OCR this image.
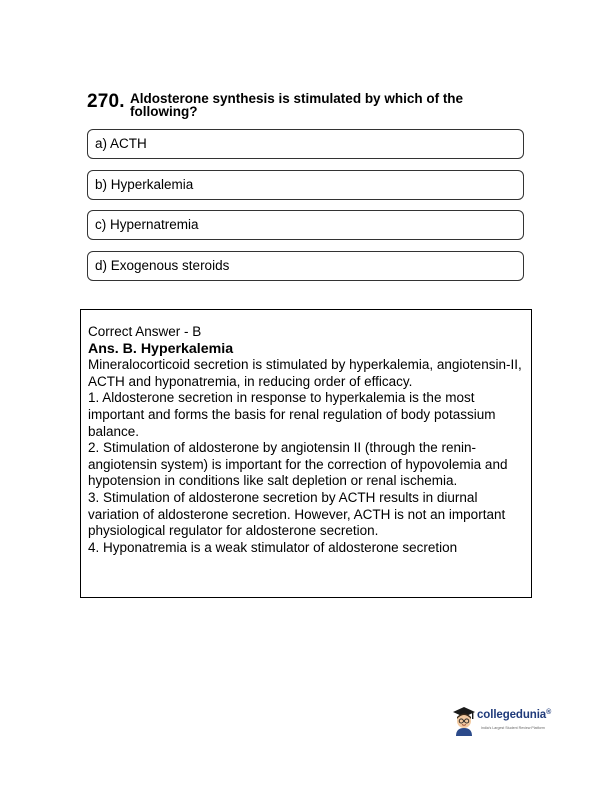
270. Aldosterone synthesis is stimulated by which of the following?
a) ACTH
b) Hyperkalemia
c) Hypernatremia
d) Exogenous steroids

Correct Answer - B

Ans. B. Hyperkalemia

Mineralocorticoid secretion is stimulated by hyperkalemia, angiotensin-II, ACTH and hyponatremia, in reducing order of efficacy.

1. Aldosterone secretion in response to hyperkalemia is the most important and forms the basis for renal regulation of body potassium balance.

2. Stimulation of aldosterone by angiotensin II (through the renin-angiotensin system) is important for the correction of hypovolemia and hypotension in conditions like salt depletion or renal ischemia.

3. Stimulation of aldosterone secretion by ACTH results in diurnal variation of aldosterone secretion. However, ACTH is not an important physiological regulator for aldosterone secretion.

4. Hyponatremia is a weak stimulator of aldosterone secretion

collegedunia®
India's Largest Student Review Platform
